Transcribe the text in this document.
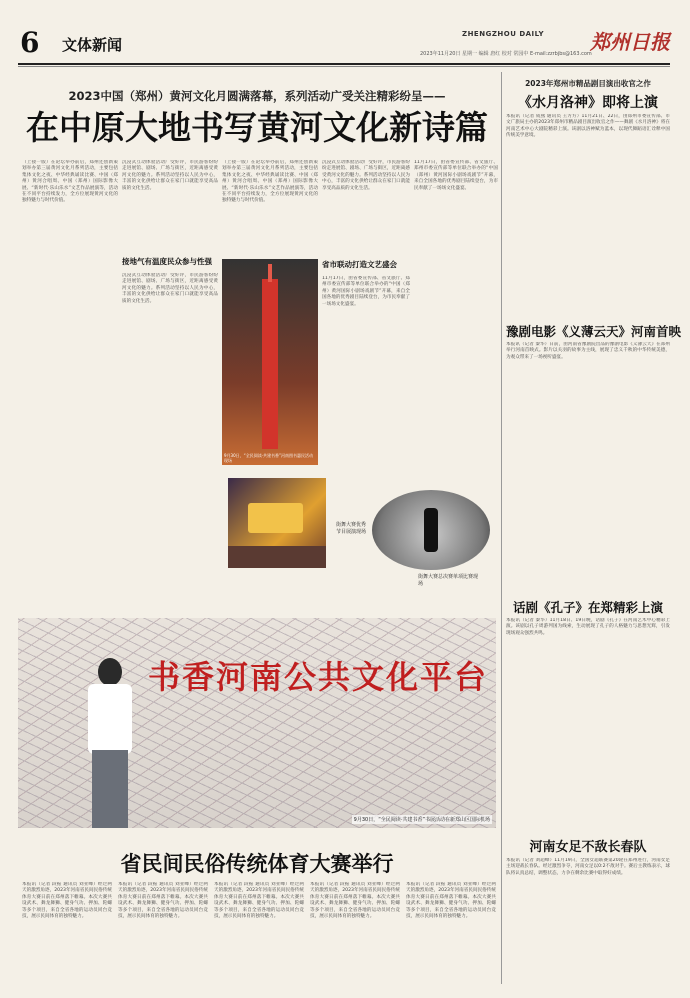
6 文体新闻
ZHENGZHOU DAILY 郑州日报
2023年11月20日 星期一 编辑 唐红 校对 常园中 E-mail:zzrbjbs@163.com
2023中国（郑州）黄河文化月圆满落幕，系列活动广受关注精彩纷呈——
在中原大地书写黄河文化新诗篇
（上接一版）在论坛举办前后，郑州还创新策划举办第三届黄河文化月系列活动，主要包括集体文化之夜、中华经典诵读比赛、中国（郑州）黄河合唱周、中国（郑州）国际影像大展、“新时代·乐山乐水”文艺作品展演等，活动在不同平台持续发力，全方位展现黄河文化的独特魅力与时代价值。
沉浸式互动体验活动广受好评，市民游客纷纷走进展馆、剧场、广场与街区，近距离感受黄河文化的魅力。系列活动坚持以人民为中心，丰富的文化供给让群众在家门口就能享受高品质的文化生活。
接地气有温度民众参与性强
沉浸式互动体验活动广受好评，市民游客纷纷走进展馆、剧场、广场与街区，近距离感受黄河文化的魅力。系列活动坚持以人民为中心，丰富的文化供给让群众在家门口就能享受高品质的文化生活。
（上接一版）在论坛举办前后，郑州还创新策划举办第三届黄河文化月系列活动，主要包括集体文化之夜、中华经典诵读比赛、中国（郑州）黄河合唱周、中国（郑州）国际影像大展、“新时代·乐山乐水”文艺作品展演等，活动在不同平台持续发力，全方位展现黄河文化的独特魅力与时代价值。
9月30日，“全民阅读·共建书香”河南图书惠民活动现场
沉浸式互动体验活动广受好评，市民游客纷纷走进展馆、剧场、广场与街区，近距离感受黄河文化的魅力。系列活动坚持以人民为中心，丰富的文化供给让群众在家门口就能享受高品质的文化生活。
省市联动打造文艺盛会
11月17日，由省委宣传部、省文旅厅、郑州市委宣传部等单位联合举办的“中国（郑州）黄河国际小剧场戏剧节”开幕，来自全国各地的优秀剧目陆续登台，为市民奉献了一场场文化盛宴。
11月17日，由省委宣传部、省文旅厅、郑州市委宣传部等单位联合举办的“中国（郑州）黄河国际小剧场戏剧节”开幕，来自全国各地的优秀剧目陆续登台，为市民奉献了一场场文化盛宴。
街舞大赛优秀节目展演现场
街舞大赛总决赛单项比赛现场
书香河南公共文化平台
9月30日，“全民阅读·共建书香”书展活动在新郑山区国际机场
省民间民俗传统体育大赛举行
本报讯（记者 段振 通讯员 刘亚峰）经过两天的激烈角逐，2023年河南省民间民俗传统体育大赛日前在郑州落下帷幕。本次大赛共设武术、舞龙舞狮、健身气功、押加、陀螺等多个项目，来自全省各地的运动员同台竞技，展示民间体育的独特魅力。
本报讯（记者 段振 通讯员 刘亚峰）经过两天的激烈角逐，2023年河南省民间民俗传统体育大赛日前在郑州落下帷幕。本次大赛共设武术、舞龙舞狮、健身气功、押加、陀螺等多个项目，来自全省各地的运动员同台竞技，展示民间体育的独特魅力。
本报讯（记者 段振 通讯员 刘亚峰）经过两天的激烈角逐，2023年河南省民间民俗传统体育大赛日前在郑州落下帷幕。本次大赛共设武术、舞龙舞狮、健身气功、押加、陀螺等多个项目，来自全省各地的运动员同台竞技，展示民间体育的独特魅力。
本报讯（记者 段振 通讯员 刘亚峰）经过两天的激烈角逐，2023年河南省民间民俗传统体育大赛日前在郑州落下帷幕。本次大赛共设武术、舞龙舞狮、健身气功、押加、陀螺等多个项目，来自全省各地的运动员同台竞技，展示民间体育的独特魅力。
本报讯（记者 段振 通讯员 刘亚峰）经过两天的激烈角逐，2023年河南省民间民俗传统体育大赛日前在郑州落下帷幕。本次大赛共设武术、舞龙舞狮、健身气功、押加、陀螺等多个项目，来自全省各地的运动员同台竞技，展示民间体育的独特魅力。
2023年郑州市精品剧目演出收官之作
《水月洛神》即将上演
本报讯（记者 成燕 通讯员 王方方）11月21日、22日，由郑州市委宣传部、市文广旅局主办的2023年郑州市精品剧目演出收官之作——舞剧《水月洛神》将在河南艺术中心大剧院精彩上演。该剧以洛神赋为蓝本，以现代舞蹈语汇诠释中国传统美学意境。
豫剧电影《义薄云天》河南首映
本报讯（记者 秦华）日前，由河南省豫剧院出品的豫剧电影《义薄云天》在郑州举行河南首映式。影片以关羽的故事为主线，展现了忠义千秋的中华传统美德，为观众带来了一场视听盛宴。
话剧《孔子》在郑精彩上演
本报讯（记者 秦华）11月18日、19日晚，话剧《孔子》在河南艺术中心精彩上演。该剧以孔子周游列国为线索，生动展现了孔子的人格魅力与思想光辉，引发现场观众强烈共鸣。
河南女足不敌长春队
本报讯（记者 刘超峰）11月19日，全国女超联赛第20轮在郑州进行，河南女足主场迎战长春队。经过激烈争夺，河南女足以0:2不敌对手。赛后主教练表示，球队将认真总结，调整状态，力争在剩余比赛中取得好成绩。
